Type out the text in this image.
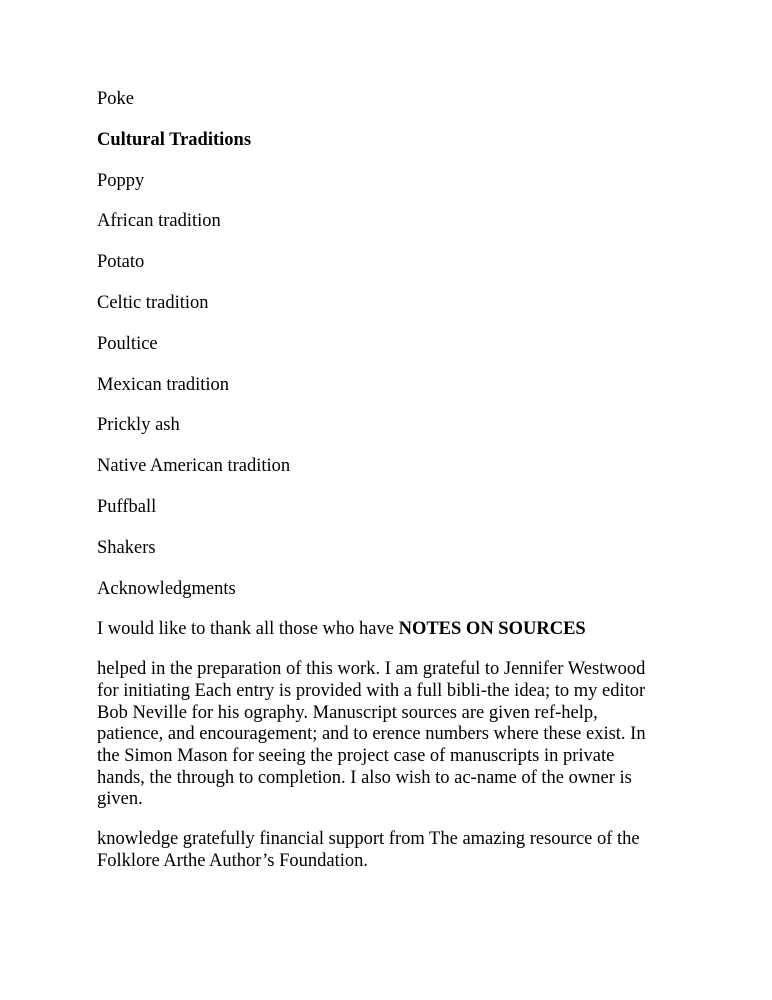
Poke
Cultural Traditions
Poppy
African tradition
Potato
Celtic tradition
Poultice
Mexican tradition
Prickly ash
Native American tradition
Puffball
Shakers
Acknowledgments
I would like to thank all those who have NOTES ON SOURCES
helped in the preparation of this work. I am grateful to Jennifer Westwood
for initiating Each entry is provided with a full bibli-the idea; to my editor
Bob Neville for his ography. Manuscript sources are given ref-help,
patience, and encouragement; and to erence numbers where these exist. In
the Simon Mason for seeing the project case of manuscripts in private
hands, the through to completion. I also wish to ac-name of the owner is
given.
knowledge gratefully financial support from The amazing resource of the
Folklore Arthe Author’s Foundation.
